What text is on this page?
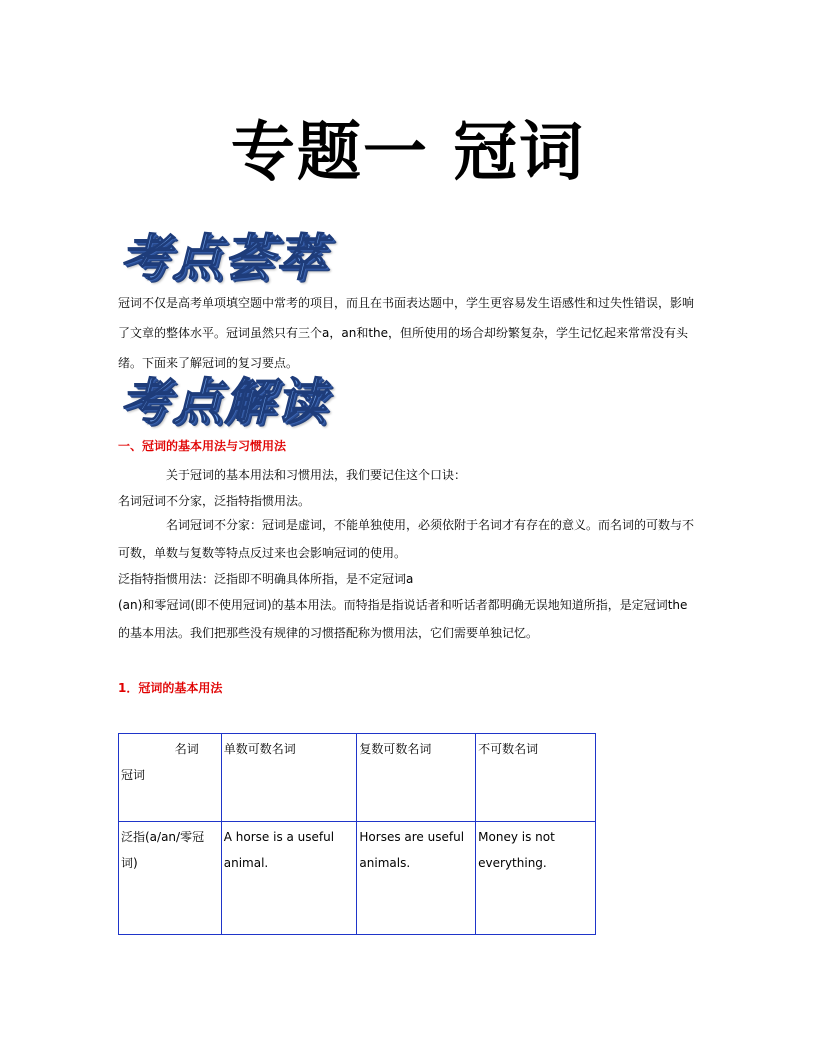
专题一 冠词
考点荟萃

冠词不仅是高考单项填空题中常考的项目，而且在书面表达题中，学生更容易发生语感性和过失性错误，影响了文章的整体水平。冠词虽然只有三个a，an和the，但所使用的场合却纷繁复杂，学生记忆起来常常没有头绪。下面来了解冠词的复习要点。

考点解读

一、冠词的基本用法与习惯用法

关于冠词的基本用法和习惯用法，我们要记住这个口诀：

名词冠词不分家，泛指特指惯用法。

名词冠词不分家：冠词是虚词，不能单独使用，必须依附于名词才有存在的意义。而名词的可数与不可数，单数与复数等特点反过来也会影响冠词的使用。

泛指特指惯用法：泛指即不明确具体所指，是不定冠词a

(an)和零冠词(即不使用冠词)的基本用法。而特指是指说话者和听话者都明确无误地知道所指，是定冠词the的基本用法。我们把那些没有规律的习惯搭配称为惯用法，它们需要单独记忆。

1．冠词的基本用法

名词
冠词	单数可数名词	复数可数名词	不可数名词
泛指(a/an/零冠词)	A horse is a useful animal.	Horses are useful animals.	Money is not everything.
